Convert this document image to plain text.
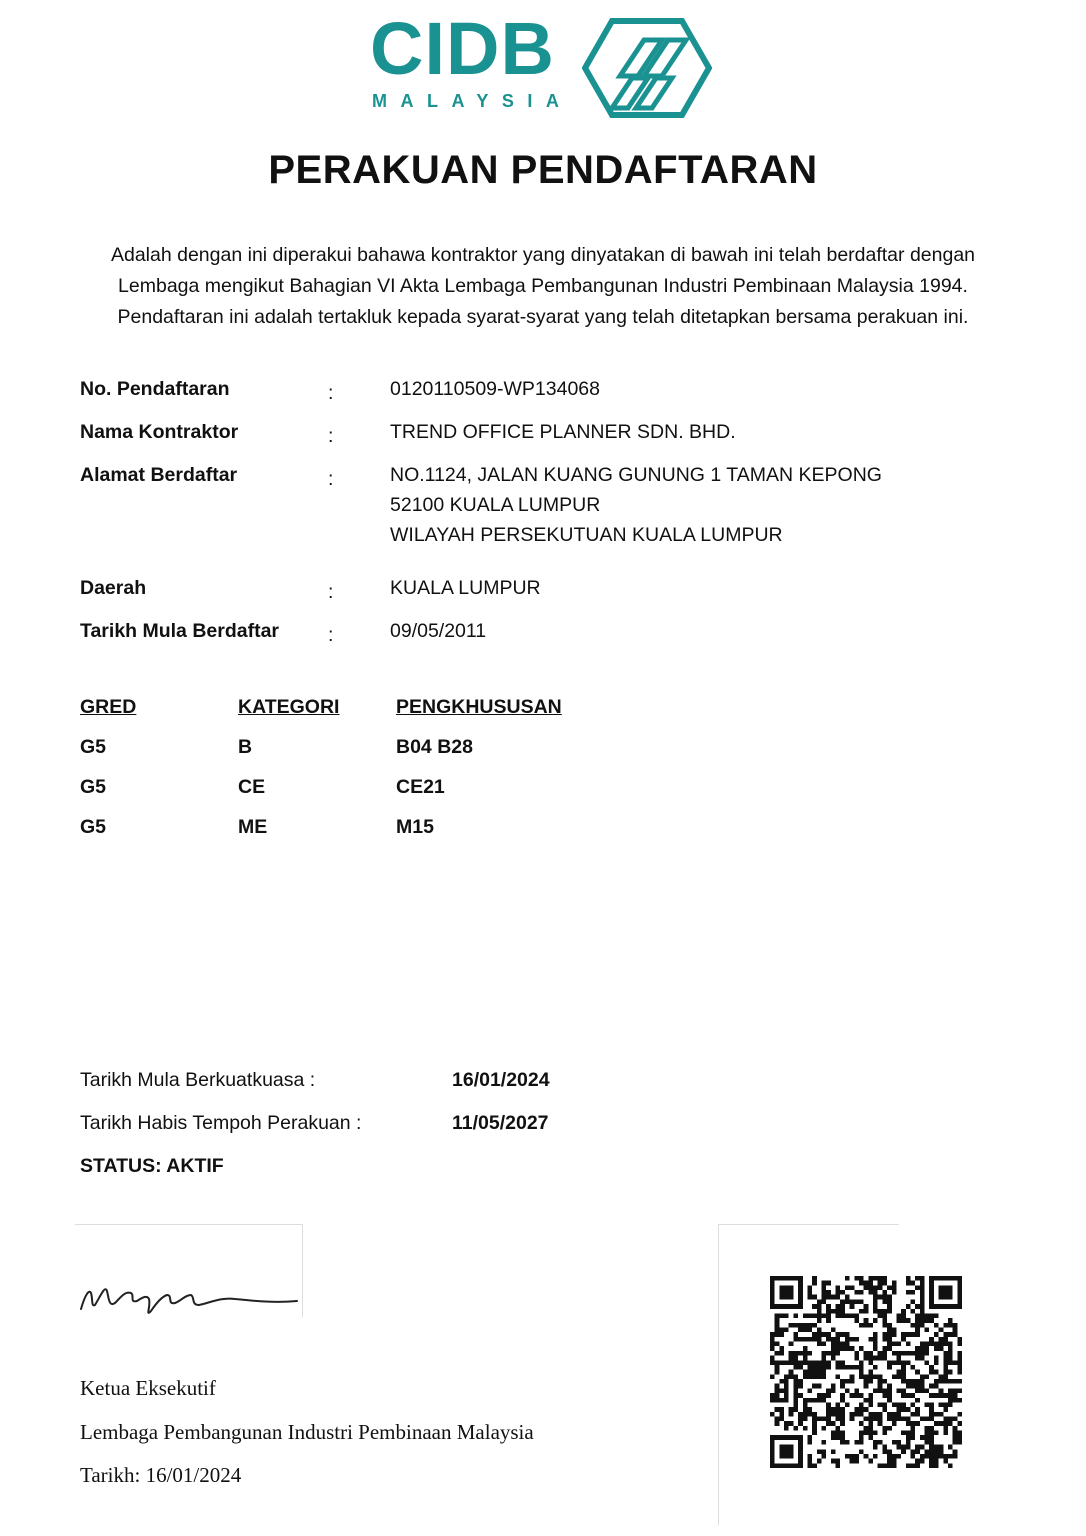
CIDB
MALAYSIA
PERAKUAN PENDAFTARAN
Adalah dengan ini diperakui bahawa kontraktor yang dinyatakan di bawah ini telah berdaftar dengan
Lembaga mengikut Bahagian VI Akta Lembaga Pembangunan Industri Pembinaan Malaysia 1994.
Pendaftaran ini adalah tertakluk kepada syarat-syarat yang telah ditetapkan bersama perakuan ini.
No. Pendaftaran	:	0120110509-WP134068
Nama Kontraktor	:	TREND OFFICE PLANNER SDN. BHD.
Alamat Berdaftar	:	NO.1124, JALAN KUANG GUNUNG 1 TAMAN KEPONG
52100 KUALA LUMPUR
WILAYAH PERSEKUTUAN KUALA LUMPUR
Daerah	:	KUALA LUMPUR
Tarikh Mula Berdaftar	:	09/05/2011
GRED	KATEGORI	PENGKHUSUSAN
G5	B	B04 B28
G5	CE	CE21
G5	ME	M15
Tarikh Mula Berkuatkuasa :	16/01/2024
Tarikh Habis Tempoh Perakuan :	11/05/2027
STATUS: AKTIF
Ketua Eksekutif
Lembaga Pembangunan Industri Pembinaan Malaysia
Tarikh: 16/01/2024
